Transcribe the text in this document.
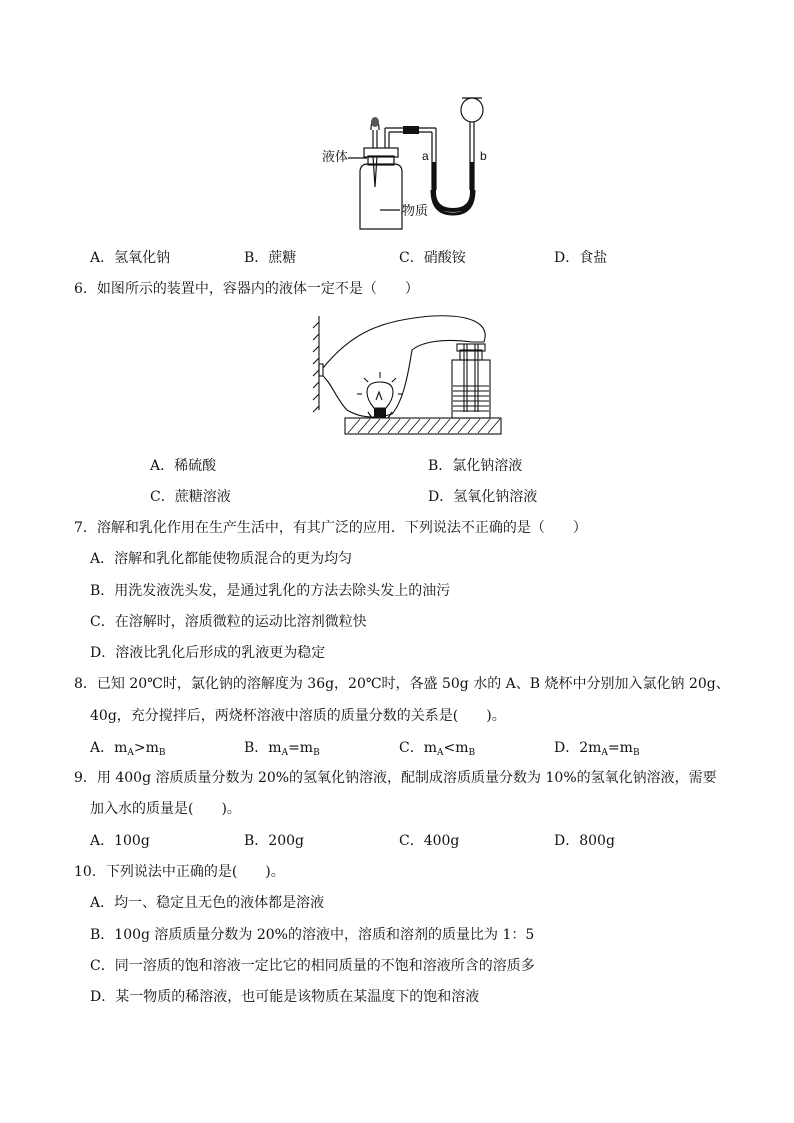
液体
物质
a	b
A．氢氧化钠	B．蔗糖	C．硝酸铵	D．食盐
6．如图所示的装置中，容器内的液体一定不是（　　）
A．稀硫酸	B．氯化钠溶液
C．蔗糖溶液	D．氢氧化钠溶液
7．溶解和乳化作用在生产生活中，有其广泛的应用．下列说法不正确的是（　　）
A．溶解和乳化都能使物质混合的更为均匀
B．用洗发液洗头发，是通过乳化的方法去除头发上的油污
C．在溶解时，溶质微粒的运动比溶剂微粒快
D．溶液比乳化后形成的乳液更为稳定
8．已知 20℃时，氯化钠的溶解度为 36g，20℃时，各盛 50g 水的 A、B 烧杯中分别加入氯化钠 20g、
40g，充分搅拌后，两烧杯溶液中溶质的质量分数的关系是(　　)。
A．$m_A>m_B$	B．$m_A=m_B$	C．$m_A<m_B$	D．$2m_A=m_B$
9．用 400g 溶质质量分数为 20%的氢氧化钠溶液，配制成溶质质量分数为 10%的氢氧化钠溶液，需要
加入水的质量是(　　)。
A．100g	B．200g	C．400g	D．800g
10．下列说法中正确的是(　　)。
A．均一、稳定且无色的液体都是溶液
B．100g 溶质质量分数为 20%的溶液中，溶质和溶剂的质量比为 1：5
C．同一溶质的饱和溶液一定比它的相同质量的不饱和溶液所含的溶质多
D．某一物质的稀溶液，也可能是该物质在某温度下的饱和溶液
